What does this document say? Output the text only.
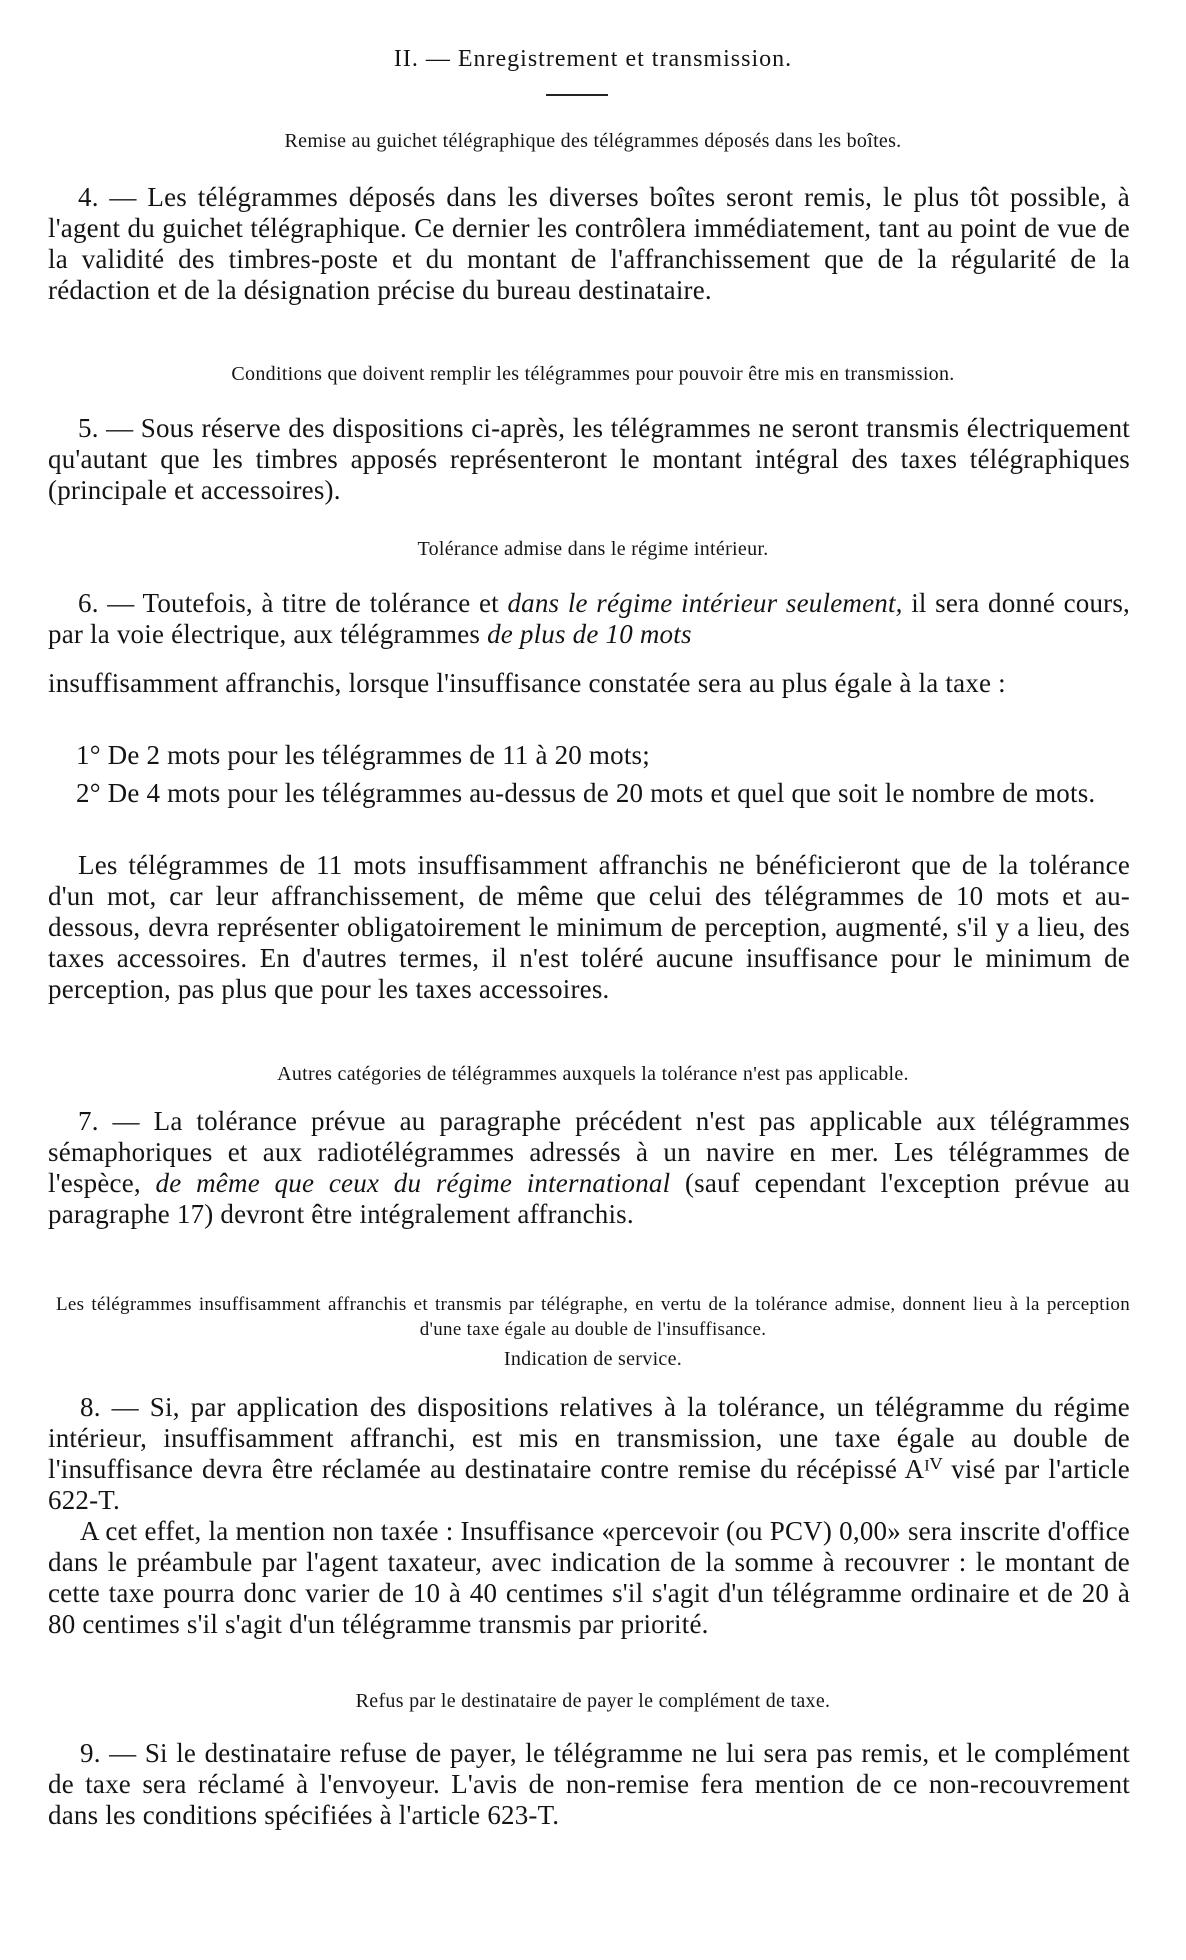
II. — Enregistrement et transmission.
Remise au guichet télégraphique des télégrammes déposés dans les boîtes.
4. — Les télégrammes déposés dans les diverses boîtes seront remis, le plus tôt possible, à l'agent du guichet télégraphique. Ce dernier les contrôlera immédiatement, tant au point de vue de la validité des timbres-poste et du montant de l'affranchissement que de la régularité de la rédaction et de la désignation précise du bureau destinataire.
Conditions que doivent remplir les télégrammes pour pouvoir être mis en transmission.
5. — Sous réserve des dispositions ci-après, les télégrammes ne seront transmis électriquement qu'autant que les timbres apposés représenteront le montant intégral des taxes télégraphiques (principale et accessoires).
Tolérance admise dans le régime intérieur.
6. — Toutefois, à titre de tolérance et dans le régime intérieur seulement, il sera donné cours, par la voie électrique, aux télégrammes de plus de 10 mots
insuffisamment affranchis, lorsque l'insuffisance constatée sera au plus égale à la taxe :
1° De 2 mots pour les télégrammes de 11 à 20 mots;
2° De 4 mots pour les télégrammes au-dessus de 20 mots et quel que soit le nombre de mots.
Les télégrammes de 11 mots insuffisamment affranchis ne bénéficieront que de la tolérance d'un mot, car leur affranchissement, de même que celui des télégrammes de 10 mots et au-dessous, devra représenter obligatoirement le minimum de perception, augmenté, s'il y a lieu, des taxes accessoires. En d'autres termes, il n'est toléré aucune insuffisance pour le minimum de perception, pas plus que pour les taxes accessoires.
Autres catégories de télégrammes auxquels la tolérance n'est pas applicable.
7. — La tolérance prévue au paragraphe précédent n'est pas applicable aux télégrammes sémaphoriques et aux radiotélégrammes adressés à un navire en mer. Les télégrammes de l'espèce, de même que ceux du régime international (sauf cependant l'exception prévue au paragraphe 17) devront être intégralement affranchis.
Les télégrammes insuffisamment affranchis et transmis par télégraphe, en vertu de la tolérance admise, donnent lieu à la perception d'une taxe égale au double de l'insuffisance.
Indication de service.
8. — Si, par application des dispositions relatives à la tolérance, un télégramme du régime intérieur, insuffisamment affranchi, est mis en transmission, une taxe égale au double de l'insuffisance devra être réclamée au destinataire contre remise du récépissé Aᴵⱽ visé par l'article 622-T.
A cet effet, la mention non taxée : Insuffisance «percevoir (ou PCV) 0,00» sera inscrite d'office dans le préambule par l'agent taxateur, avec indication de la somme à recouvrer : le montant de cette taxe pourra donc varier de 10 à 40 centimes s'il s'agit d'un télégramme ordinaire et de 20 à 80 centimes s'il s'agit d'un télégramme transmis par priorité.
Refus par le destinataire de payer le complément de taxe.
9. — Si le destinataire refuse de payer, le télégramme ne lui sera pas remis, et le complément de taxe sera réclamé à l'envoyeur. L'avis de non-remise fera mention de ce non-recouvrement dans les conditions spécifiées à l'article 623-T.
